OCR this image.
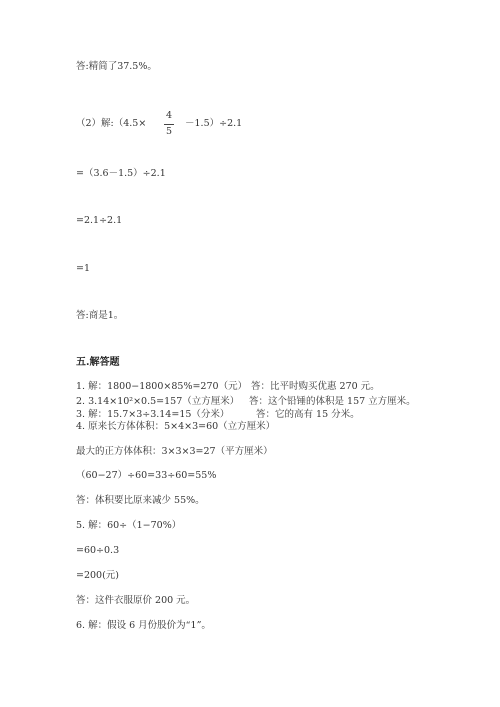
答:精简了37.5%。
（2）解:（4.5×
4
5
－1.5）÷2.1
=（3.6－1.5）÷2.1
=2.1÷2.1
=1
答:商是1。
五.解答题
1. 解：1800−1800×85%=270（元） 答：比平时购买优惠 270 元。
2. 3.14×10²×0.5=157（立方厘米） 答：这个铅锤的体积是 157 立方厘米。
3. 解：15.7×3÷3.14=15（分米）	答：它的高有 15 分米。
4. 原来长方体体积：5×4×3=60（立方厘米）
最大的正方体体积：3×3×3=27（平方厘米）
（60−27）÷60=33÷60=55%
答：体积要比原来减少 55%。
5. 解：60÷（1−70%）
=60÷0.3
=200(元)
答：这件衣服原价 200 元。
6. 解：假设 6 月份股价为“1”。
